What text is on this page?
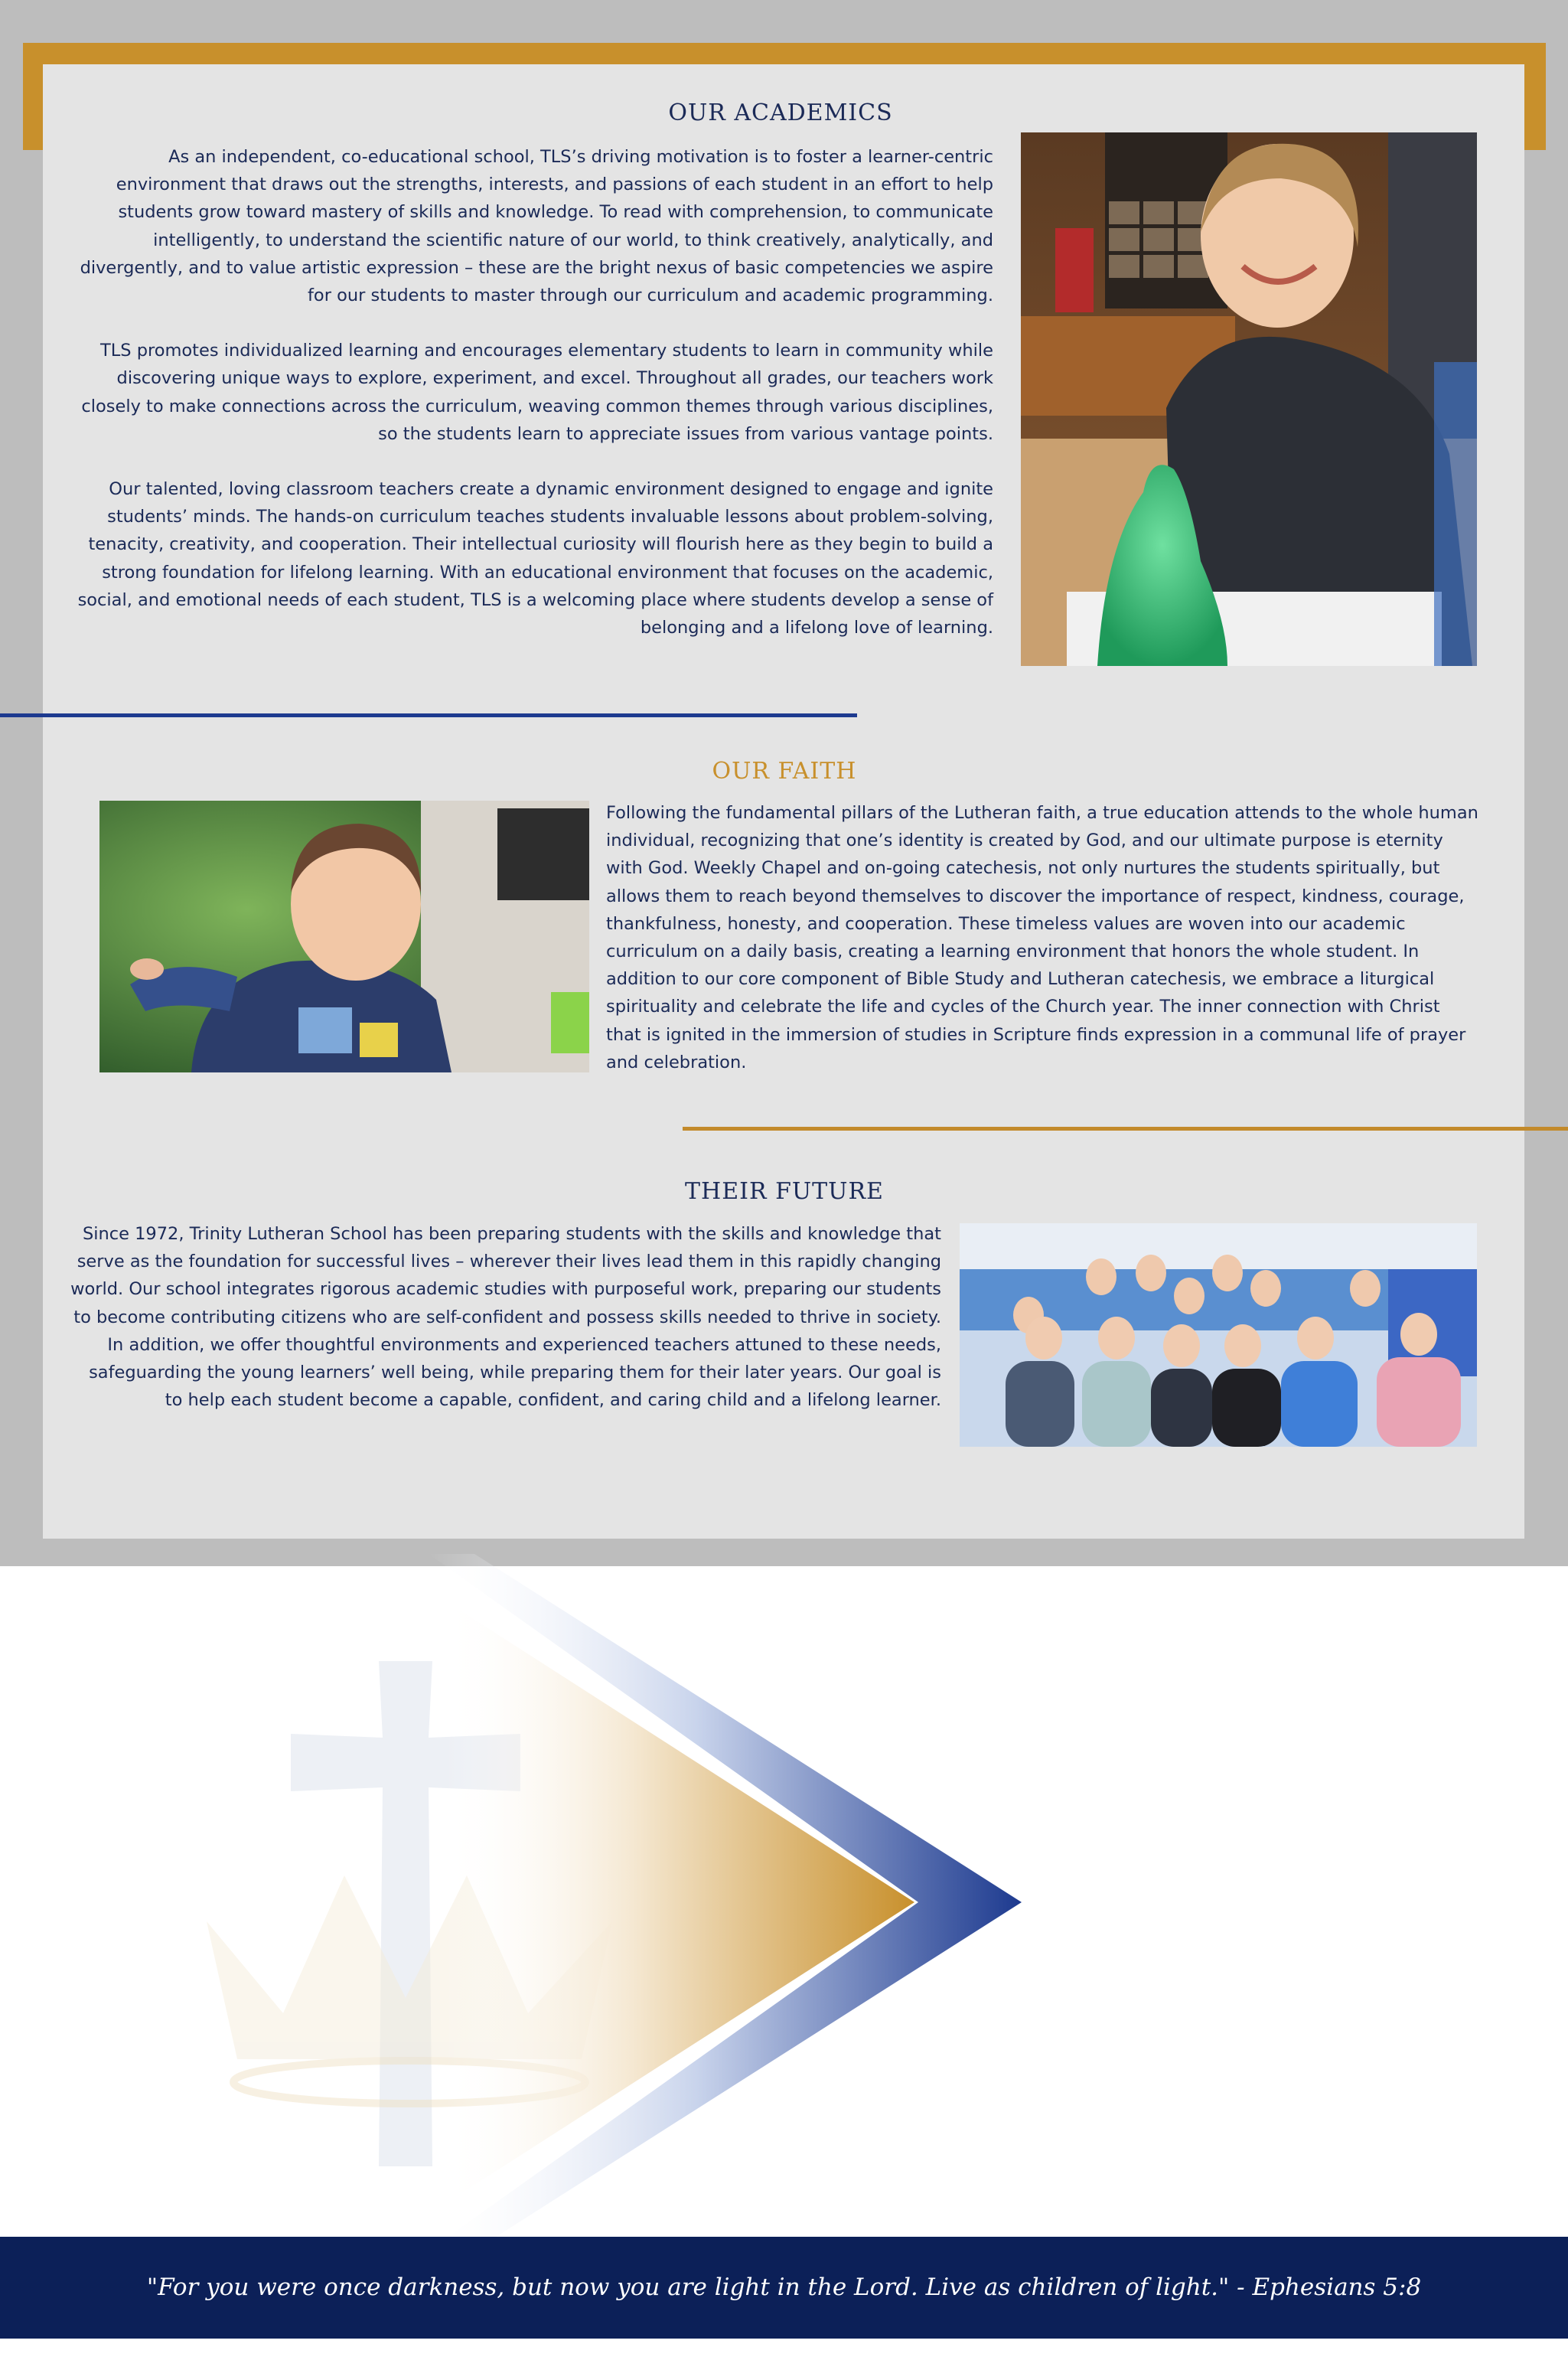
OUR ACADEMICS

As an independent, co-educational school, TLS’s driving motivation is to foster a learner-centric environment that draws out the strengths, interests, and passions of each student in an effort to help students grow toward mastery of skills and knowledge. To read with comprehension, to communicate intelligently, to understand the scientific nature of our world, to think creatively, analytically, and divergently, and to value artistic expression – these are the bright nexus of basic competencies we aspire for our students to master through our curriculum and academic programming.

TLS promotes individualized learning and encourages elementary students to learn in community while discovering unique ways to explore, experiment, and excel. Throughout all grades, our teachers work closely to make connections across the curriculum, weaving common themes through various disciplines, so the students learn to appreciate issues from various vantage points.

Our talented, loving classroom teachers create a dynamic environment designed to engage and ignite students’ minds. The hands-on curriculum teaches students invaluable lessons about problem-solving, tenacity, creativity, and cooperation. Their intellectual curiosity will flourish here as they begin to build a strong foundation for lifelong learning. With an educational environment that focuses on the academic, social, and emotional needs of each student, TLS is a welcoming place where students develop a sense of belonging and a lifelong love of learning.

OUR FAITH

Following the fundamental pillars of the Lutheran faith, a true education attends to the whole human individual, recognizing that one’s identity is created by God, and our ultimate purpose is eternity with God. Weekly Chapel and on-going catechesis, not only nurtures the students spiritually, but allows them to reach beyond themselves to discover the importance of respect, kindness, courage, thankfulness, honesty, and cooperation. These timeless values are woven into our academic curriculum on a daily basis, creating a learning environment that honors the whole student. In addition to our core component of Bible Study and Lutheran catechesis, we embrace a liturgical spirituality and celebrate the life and cycles of the Church year. The inner connection with Christ that is ignited in the immersion of studies in Scripture finds expression in a communal life of prayer and celebration.

THEIR FUTURE

Since 1972, Trinity Lutheran School has been preparing students with the skills and knowledge that serve as the foundation for successful lives – wherever their lives lead them in this rapidly changing world. Our school integrates rigorous academic studies with purposeful work, preparing our students to become contributing citizens who are self-confident and possess skills needed to thrive in society. In addition, we offer thoughtful environments and experienced teachers attuned to these needs, safeguarding the young learners’ well being, while preparing them for their later years. Our goal is to help each student become a capable, confident, and caring child and a lifelong learner.

"For you were once darkness, but now you are light in the Lord. Live as children of light." - Ephesians 5:8
